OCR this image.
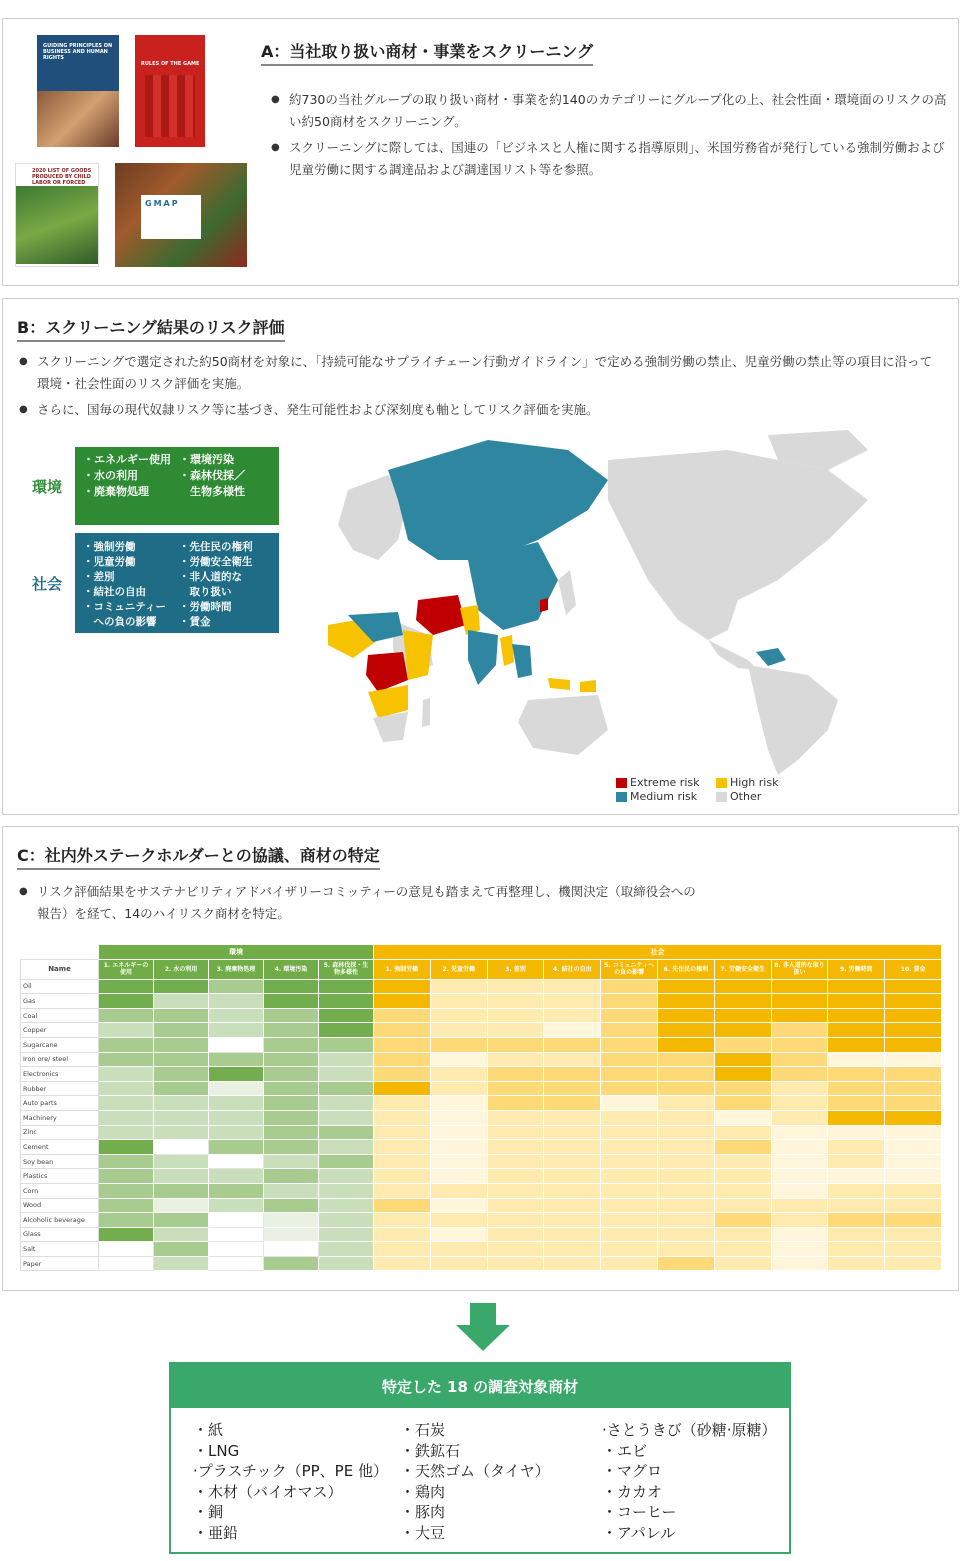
GUIDING PRINCIPLES ON BUSINESS AND HUMAN RIGHTS
RULES OF THE GAME
2020 LIST OF GOODS PRODUCED BY CHILD LABOR OR FORCED
GMAP
A：当社取り扱い商材・事業をスクリーニング
● 約730の当社グループの取り扱い商材・事業を約140のカテゴリーにグループ化の上、社会性面・環境面のリスクの高い約50商材をスクリーニング。
● スクリーニングに際しては、国連の「ビジネスと人権に関する指導原則」、米国労務省が発行している強制労働および児童労働に関する調達品および調達国リスト等を参照。
B：スクリーニング結果のリスク評価
● スクリーニングで選定された約50商材を対象に、「持続可能なサプライチェーン行動ガイドライン」で定める強制労働の禁止、児童労働の禁止等の項目に沿って環境・社会性面のリスク評価を実施。
● さらに、国毎の現代奴隷リスク等に基づき、発生可能性および深刻度も軸としてリスク評価を実施。
環境
・エネルギー使用
・水の利用
・廃棄物処理
・環境汚染
・森林伐採／
　生物多様性
社会
・強制労働
・児童労働
・差別
・結社の自由
・コミュニティー
　への負の影響
・先住民の権利
・労働安全衛生
・非人道的な
　取り扱い
・労働時間
・賃金
Extreme risk	High risk
Medium risk	Other
C：社内外ステークホルダーとの協議、商材の特定
● リスク評価結果をサステナビリティアドバイザリーコミッティーの意見も踏まえて再整理し、機関決定（取締役会への報告）を経て、14のハイリスク商材を特定。
	環境					社会									
Name	1. エネルギーの使用	2. 水の利用	3. 廃棄物処理	4. 環境汚染	5. 森林伐採・生物多様性	1. 強制労働	2. 児童労働	3. 差別	4. 結社の自由	5. コミュニティへの負の影響	6. 先住民の権利	7. 労働安全衛生	8. 非人道的な取り扱い	9. 労働時間	10. 賃金
Oil															
Gas															
Coal															
Copper															
Sugarcane															
Iron ore/ steel															
Electronics															
Rubber															
Auto parts															
Machinery															
Zinc															
Cement															
Soy bean															
Plastics															
Corn															
Wood															
Alcoholic beverage															
Glass															
Salt															
Paper															
特定した 18 の調査対象商材
・紙
・LNG
·プラスチック（PP、PE 他）
・木材（バイオマス）
・銅
・亜鉛
・石炭
・鉄鉱石
・天然ゴム（タイヤ）
・鶏肉
・豚肉
・大豆
·さとうきび（砂糖·原糖）
・エビ
・マグロ
・カカオ
・コーヒー
・アパレル
